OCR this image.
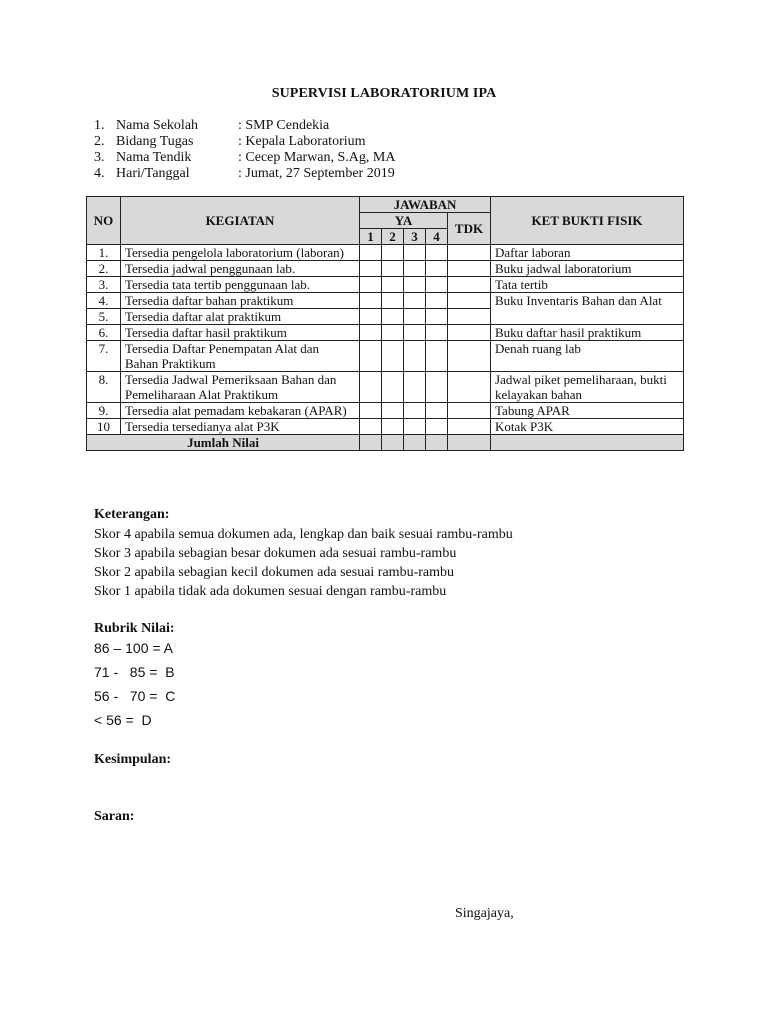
SUPERVISI LABORATORIUM IPA
1. Nama Sekolah	: SMP Cendekia
2. Bidang Tugas	: Kepala Laboratorium
3. Nama Tendik	: Cecep Marwan, S.Ag, MA
4. Hari/Tanggal	: Jumat, 27 September 2019
NO	KEGIATAN	JAWABAN					KET BUKTI FISIK
		YA				TDK	
		1	2	3	4		
1.	Tersedia pengelola laboratorium (laboran)						Daftar laboran
2.	Tersedia jadwal penggunaan lab.						Buku jadwal laboratorium
3.	Tersedia tata tertib penggunaan lab.						Tata tertib
4.	Tersedia daftar bahan praktikum						Buku Inventaris Bahan dan Alat
5.	Tersedia daftar alat praktikum						
6.	Tersedia daftar hasil praktikum						Buku daftar hasil praktikum
7.	Tersedia Daftar Penempatan Alat dan Bahan Praktikum						Denah ruang lab
8.	Tersedia Jadwal Pemeriksaan Bahan dan Pemeliharaan Alat Praktikum						Jadwal piket pemeliharaan, bukti kelayakan bahan
9.	Tersedia alat pemadam kebakaran (APAR)						Tabung APAR
10	Tersedia tersedianya alat P3K						Kotak P3K
Jumlah Nilai							
Keterangan:
Skor 4 apabila semua dokumen ada, lengkap dan baik sesuai rambu-rambu
Skor 3 apabila sebagian besar dokumen ada sesuai rambu-rambu
Skor 2 apabila sebagian kecil dokumen ada sesuai rambu-rambu
Skor 1 apabila tidak ada dokumen sesuai dengan rambu-rambu
Rubrik Nilai:
86 – 100 = A
71 -   85 =  B
56 -   70 =  C
< 56 =  D
Kesimpulan:
Saran:
Singajaya,
